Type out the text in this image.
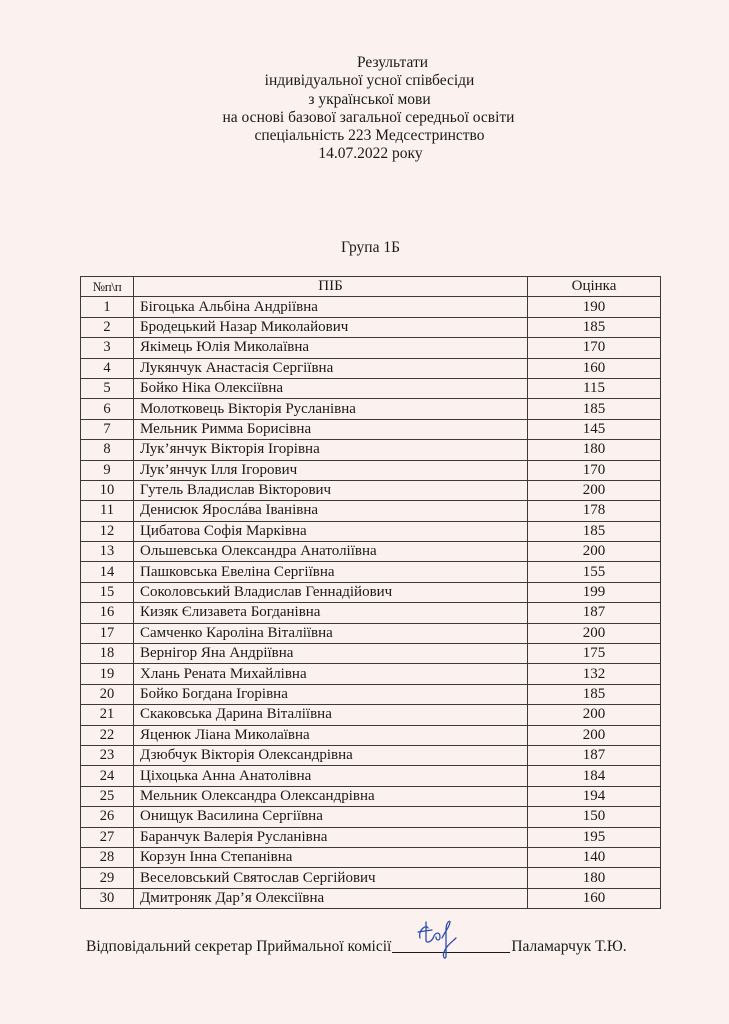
Результати
індивідуальної усної співбесіди
з української мови
на основі базової загальної середньої освіти
спеціальність 223 Медсестринство
14.07.2022 року
Група 1Б
№п\п	ПІБ	Оцінка
1	Бігоцька Альбіна Андріївна	190
2	Бродецький Назар Миколайович	185
3	Якімець Юлія Миколаївна	170
4	Лукянчук Анастасія Сергіївна	160
5	Бойко Ніка Олексіївна	115
6	Молотковець Вікторія Русланівна	185
7	Мельник Римма Борисівна	145
8	Лук’янчук Вікторія Ігорівна	180
9	Лук’янчук Ілля Ігорович	170
10	Гутель Владислав Вікторович	200
11	Денисюк Ярослáва Іванівна	178
12	Цибатова Софія Марківна	185
13	Ольшевська Олександра Анатоліївна	200
14	Пашковська Евеліна Сергіївна	155
15	Соколовський Владислав Геннадійович	199
16	Кизяк Єлизавета Богданівна	187
17	Самченко Кароліна Віталіївна	200
18	Вернігор Яна Андріївна	175
19	Хлань Рената Михайлівна	132
20	Бойко Богдана Ігорівна	185
21	Скаковська Дарина Віталіївна	200
22	Яценюк Ліана Миколаївна	200
23	Дзюбчук Вікторія Олександрівна	187
24	Ціхоцька Анна Анатолівна	184
25	Мельник Олександра Олександрівна	194
26	Онищук Василина Сергіївна	150
27	Баранчук Валерія Русланівна	195
28	Корзун Інна Степанівна	140
29	Веселовський Святослав Сергійович	180
30	Дмитроняк Дар’я Олексіївна	160
Відповідальний секретар Приймальної комісії	Паламарчук Т.Ю.
